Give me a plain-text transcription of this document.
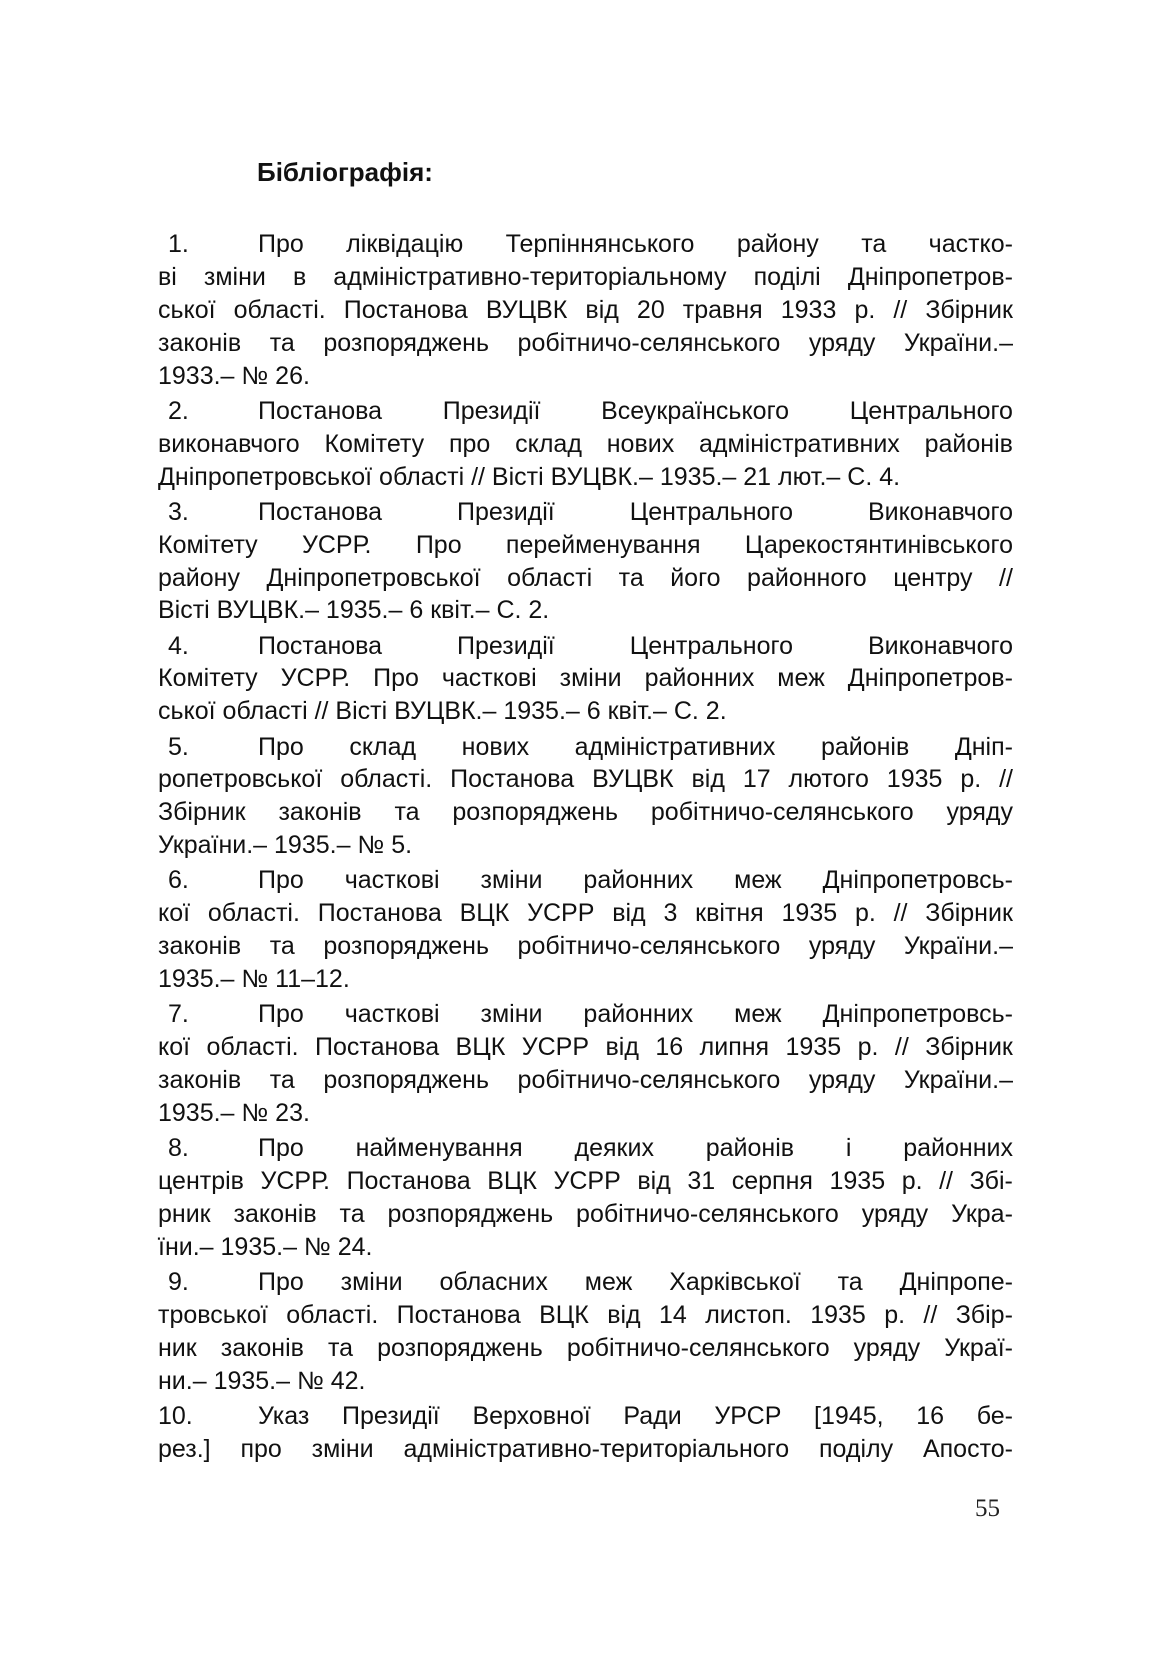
Бібліографія:
1.	Про ліквідацію Терпіннянського району та частко-
ві зміни в адміністративно-територіальному поділі Дніпропетров-
ської області. Постанова ВУЦВК від 20 травня 1933 р. // Збірник
законів та розпоряджень робітничо-селянського уряду України.–
1933.– № 26.
2.	Постанова Президії Всеукраїнського Центрального
виконавчого Комітету про склад нових адміністративних районів
Дніпропетровської області // Вісті ВУЦВК.– 1935.– 21 лют.– С. 4.
3.	Постанова	Президії	Центрального	Виконавчого
Комітету УСРР. Про перейменування Царекостянтинівського
району Дніпропетровської області та його районного центру //
Вісті ВУЦВК.– 1935.– 6 квіт.– С. 2.
4.	Постанова	Президії	Центрального	Виконавчого
Комітету УСРР. Про часткові зміни районних меж Дніпропетров-
ської області // Вісті ВУЦВК.– 1935.– 6 квіт.– С. 2.
5.	Про склад нових адміністративних районів Дніп-
ропетровської області. Постанова ВУЦВК від 17 лютого 1935 р. //
Збірник законів та розпоряджень робітничо-селянського уряду
України.– 1935.– № 5.
6.	Про часткові зміни районних меж Дніпропетровсь-
кої області. Постанова ВЦК УСРР від 3 квітня 1935 р. // Збірник
законів та розпоряджень робітничо-селянського уряду України.–
1935.– № 11–12.
7.	Про часткові зміни районних меж Дніпропетровсь-
кої області. Постанова ВЦК УСРР від 16 липня 1935 р. // Збірник
законів та розпоряджень робітничо-селянського уряду України.–
1935.– № 23.
8.	Про найменування деяких районів і районних
центрів УСРР. Постанова ВЦК УСРР від 31 серпня 1935 р. // Збі-
рник законів та розпоряджень робітничо-селянського уряду Укра-
їни.– 1935.– № 24.
9.	Про зміни обласних меж Харківської та Дніпропе-
тровської області. Постанова ВЦК від 14 листоп. 1935 р. // Збір-
ник законів та розпоряджень робітничо-селянського уряду Украї-
ни.– 1935.– № 42.
10.	Указ Президії Верховної Ради УРСР [1945, 16 бе-
рез.] про зміни адміністративно-територіального поділу Апосто-
55
